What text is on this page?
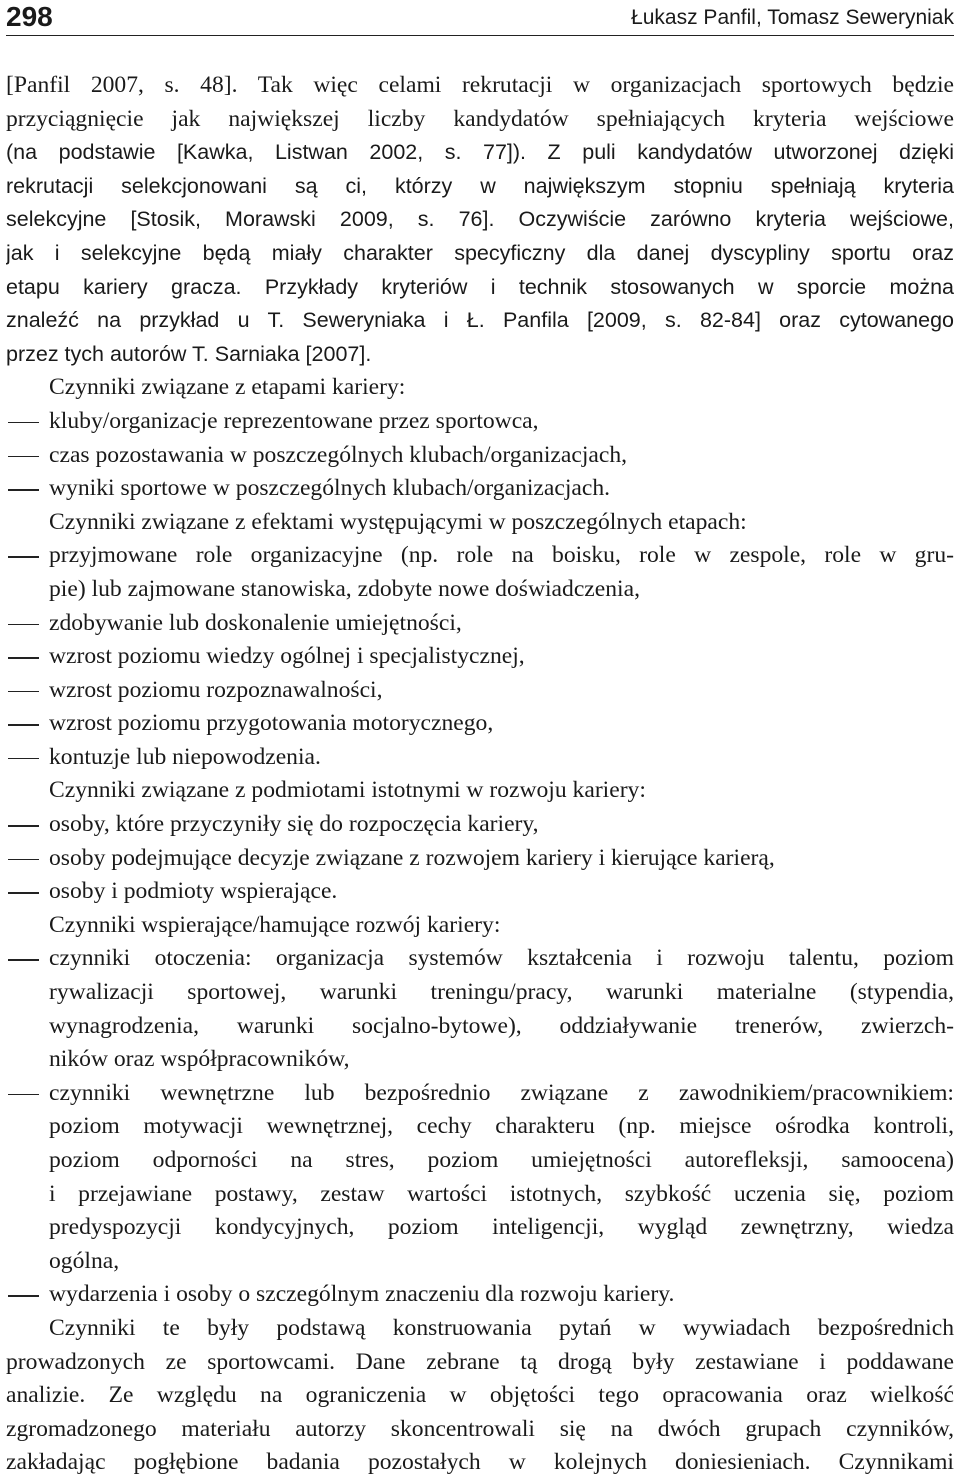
298	Łukasz Panfil, Tomasz Seweryniak
[Panfil 2007, s. 48]. Tak więc celami rekrutacji w organizacjach sportowych będzie
przyciągnięcie jak największej liczby kandydatów spełniających kryteria wejściowe
(na podstawie [Kawka, Listwan 2002, s. 77]). Z puli kandydatów utworzonej dzięki
rekrutacji selekcjonowani są ci, którzy w największym stopniu spełniają kryteria
selekcyjne [Stosik, Morawski 2009, s. 76]. Oczywiście zarówno kryteria wejściowe,
jak i selekcyjne będą miały charakter specyficzny dla danej dyscypliny sportu oraz
etapu kariery gracza. Przykłady kryteriów i technik stosowanych w sporcie można
znaleźć na przykład u T. Seweryniaka i Ł. Panfila [2009, s. 82-84] oraz cytowanego
przez tych autorów T. Sarniaka [2007].
Czynniki związane z etapami kariery:
kluby/organizacje reprezentowane przez sportowca,
czas pozostawania w poszczególnych klubach/organizacjach,
wyniki sportowe w poszczególnych klubach/organizacjach.
Czynniki związane z efektami występującymi w poszczególnych etapach:
przyjmowane role organizacyjne (np. role na boisku, role w zespole, role w gru-
pie) lub zajmowane stanowiska, zdobyte nowe doświadczenia,
zdobywanie lub doskonalenie umiejętności,
wzrost poziomu wiedzy ogólnej i specjalistycznej,
wzrost poziomu rozpoznawalności,
wzrost poziomu przygotowania motorycznego,
kontuzje lub niepowodzenia.
Czynniki związane z podmiotami istotnymi w rozwoju kariery:
osoby, które przyczyniły się do rozpoczęcia kariery,
osoby podejmujące decyzje związane z rozwojem kariery i kierujące karierą,
osoby i podmioty wspierające.
Czynniki wspierające/hamujące rozwój kariery:
czynniki otoczenia: organizacja systemów kształcenia i rozwoju talentu, poziom
rywalizacji sportowej, warunki treningu/pracy, warunki materialne (stypendia,
wynagrodzenia, warunki socjalno-bytowe), oddziaływanie trenerów, zwierzch-
ników oraz współpracowników,
czynniki wewnętrzne lub bezpośrednio związane z zawodnikiem/pracownikiem:
poziom motywacji wewnętrznej, cechy charakteru (np. miejsce ośrodka kontroli,
poziom odporności na stres, poziom umiejętności autorefleksji, samoocena)
i przejawiane postawy, zestaw wartości istotnych, szybkość uczenia się, poziom
predyspozycji kondycyjnych, poziom inteligencji, wygląd zewnętrzny, wiedza
ogólna,
wydarzenia i osoby o szczególnym znaczeniu dla rozwoju kariery.
Czynniki te były podstawą konstruowania pytań w wywiadach bezpośrednich
prowadzonych ze sportowcami. Dane zebrane tą drogą były zestawiane i poddawane
analizie. Ze względu na ograniczenia w objętości tego opracowania oraz wielkość
zgromadzonego materiału autorzy skoncentrowali się na dwóch grupach czynników,
zakładając pogłębione badania pozostałych w kolejnych doniesieniach. Czynnikami
